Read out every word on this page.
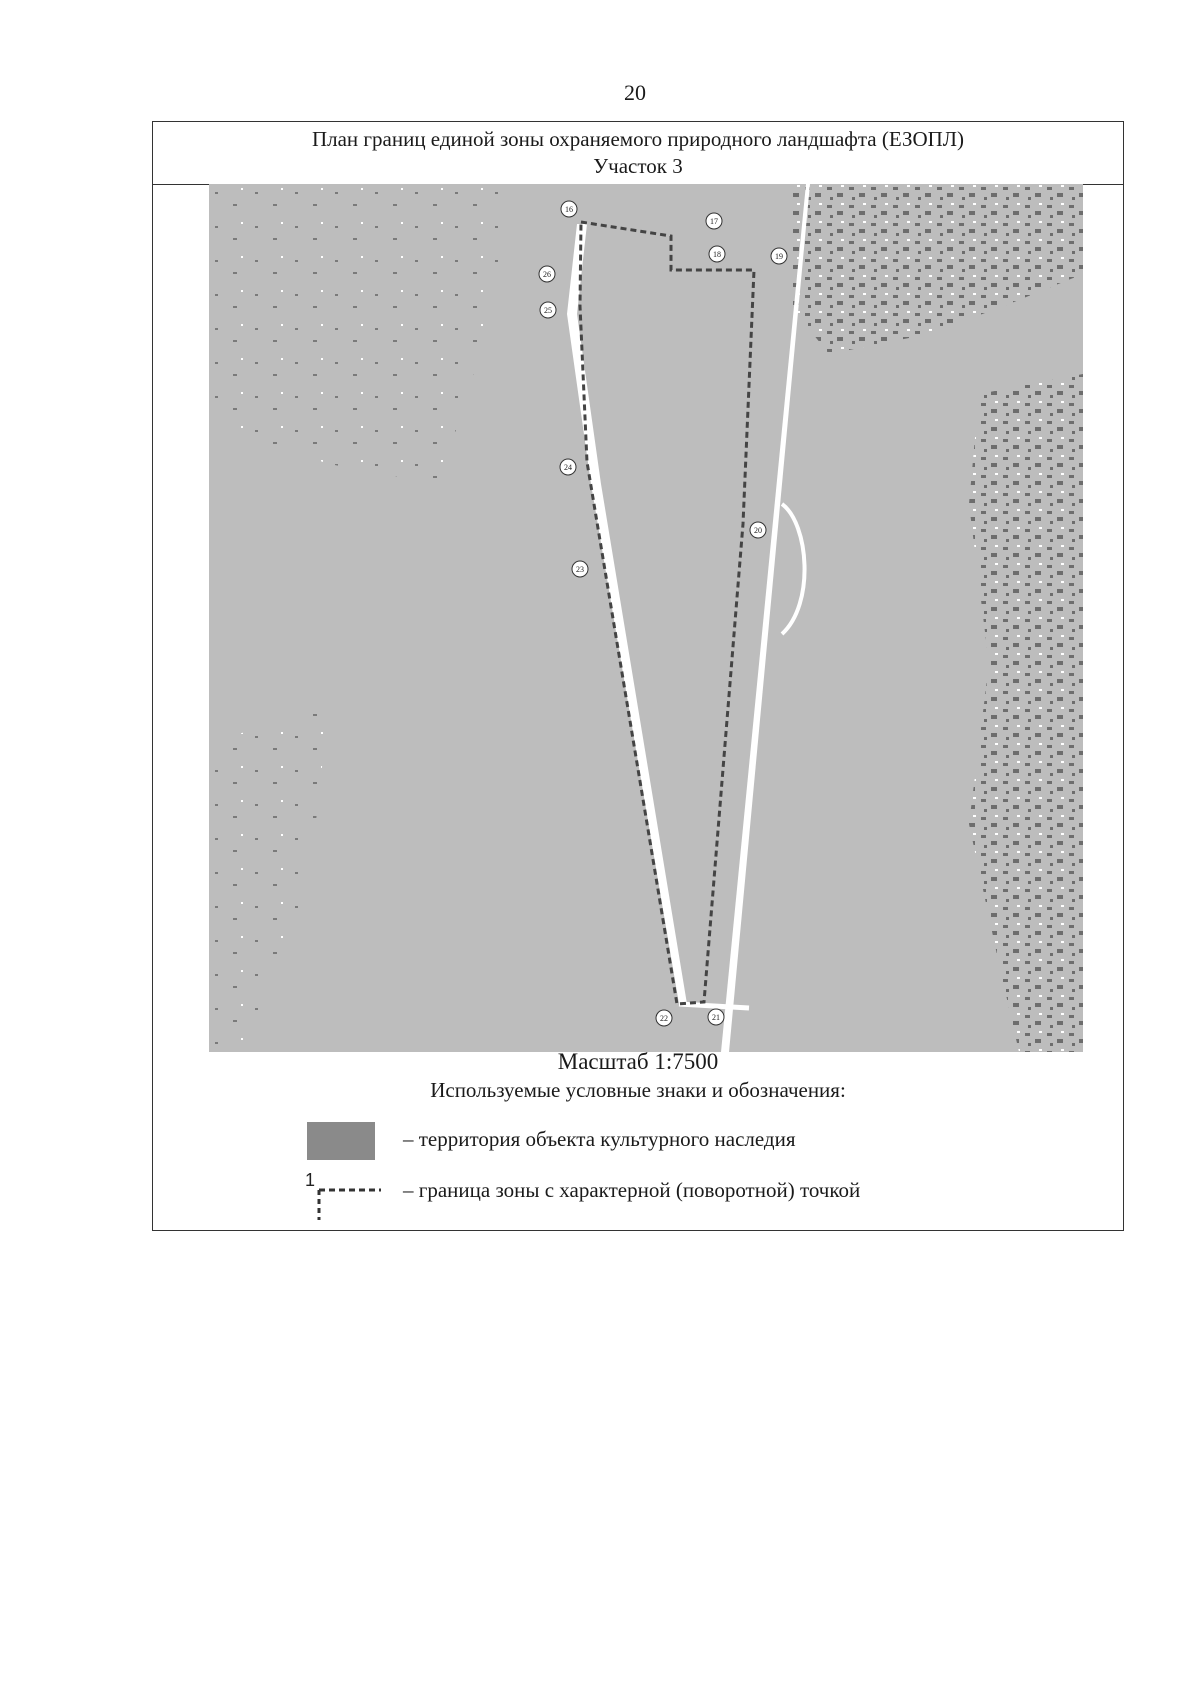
20
План границ единой зоны охраняемого природного ландшафта (ЕЗОПЛ)
Участок 3
16
17
18	19
20
21
22
23
24
25
26
Масштаб 1:7500
Используемые условные знаки и обозначения:
– территория объекта культурного наследия
1	– граница зоны с характерной (поворотной) точкой
